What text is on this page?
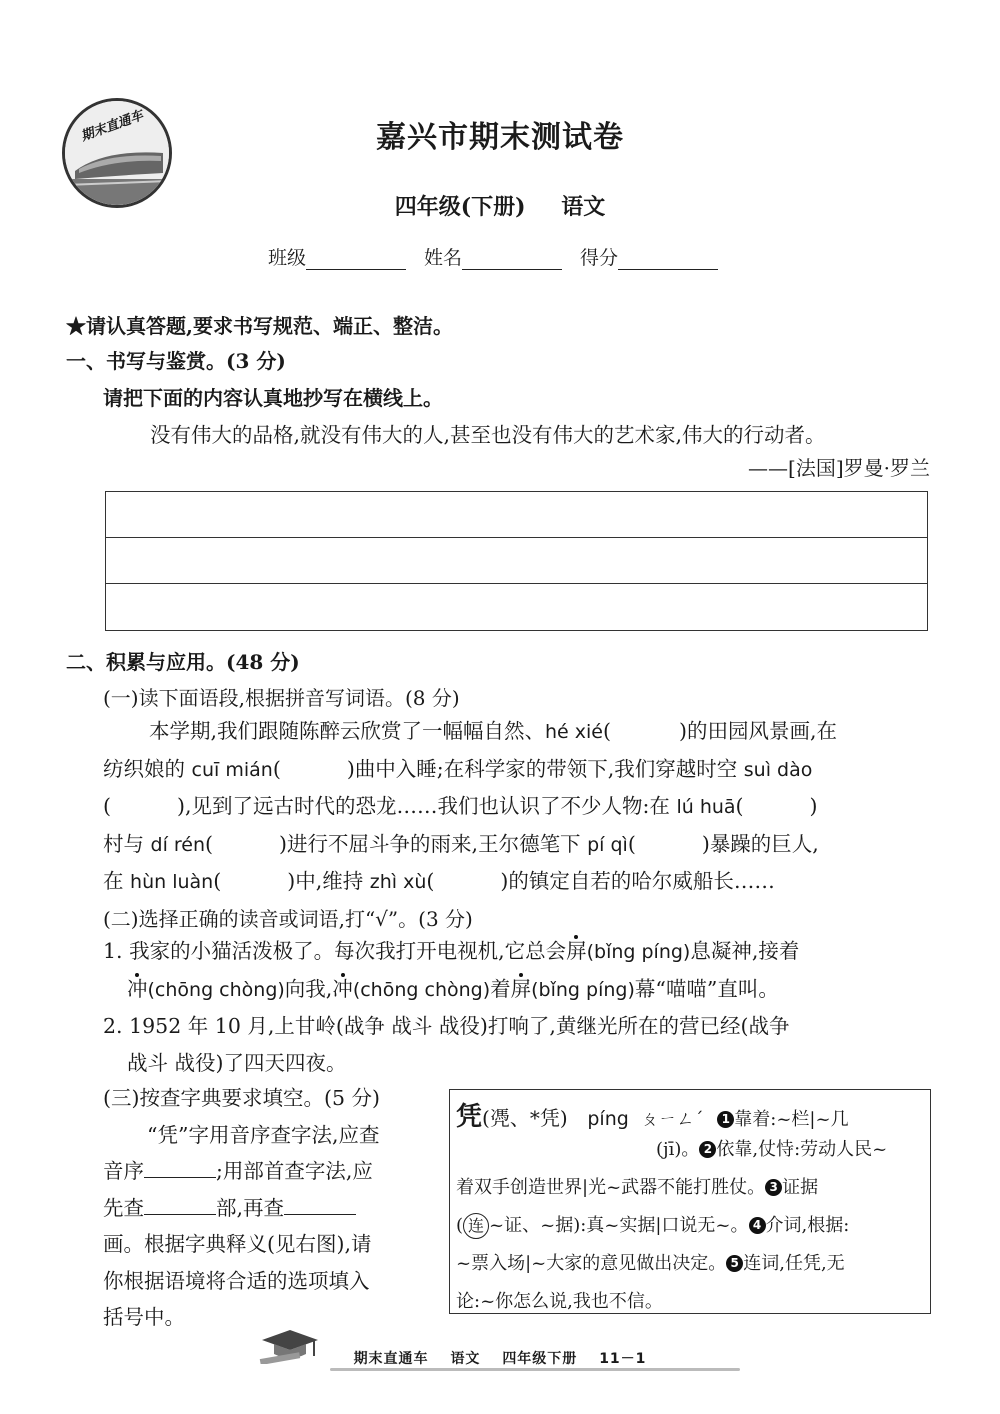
期末直通车	嘉兴市期末测试卷
四年级(下册) 语文
班级	姓名	得分
★请认真答题,要求书写规范、端正、整洁。
一、书写与鉴赏。(3 分)
请把下面的内容认真地抄写在横线上。
没有伟大的品格,就没有伟大的人,甚至也没有伟大的艺术家,伟大的行动者。
——[法国]罗曼·罗兰
二、积累与应用。(48 分)
(一)读下面语段,根据拼音写词语。(8 分)
本学期,我们跟随陈醉云欣赏了一幅幅自然、hé xié(	)的田园风景画,在
纺织娘的 cuī mián(	)曲中入睡;在科学家的带领下,我们穿越时空 suì dào
(	),见到了远古时代的恐龙……我们也认识了不少人物:在 lú huā(	)
村与 dí rén(	)进行不屈斗争的雨来,王尔德笔下 pí qì(	)暴躁的巨人,
在 hùn luàn(	)中,维持 zhì xù(	)的镇定自若的哈尔威船长……
(二)选择正确的读音或词语,打“√”。(3 分)
1. 我家的小猫活泼极了。每次我打开电视机,它总会屏(bǐng píng)息凝神,接着
冲(chōng chòng)向我,冲(chōng chòng)着屏(bǐng píng)幕“喵喵”直叫。
2. 1952 年 10 月,上甘岭(战争 战斗 战役)打响了,黄继光所在的营已经(战争
战斗 战役)了四天四夜。
(三)按查字典要求填空。(5 分)
“凭”字用音序查字法,应查
音序	;用部首查字法,应
先查	部,再查
画。根据字典释义(见右图),请
你根据语境将合适的选项填入
括号中。
凭(凴、*凭) píng ㄆㄧㄥˊ 1 靠着:~栏|~几
(jī)。 2 依靠,仗恃:劳动人民~
着双手创造世界|光~武器不能打胜仗。 3 证据
( 连 ~证、~据):真~实据|口说无~。 4 介词,根据:
~票入场|~大家的意见做出决定。 5 连词,任凭,无
论:~你怎么说,我也不信。
期末直通车 语文 四年级下册 11－1
